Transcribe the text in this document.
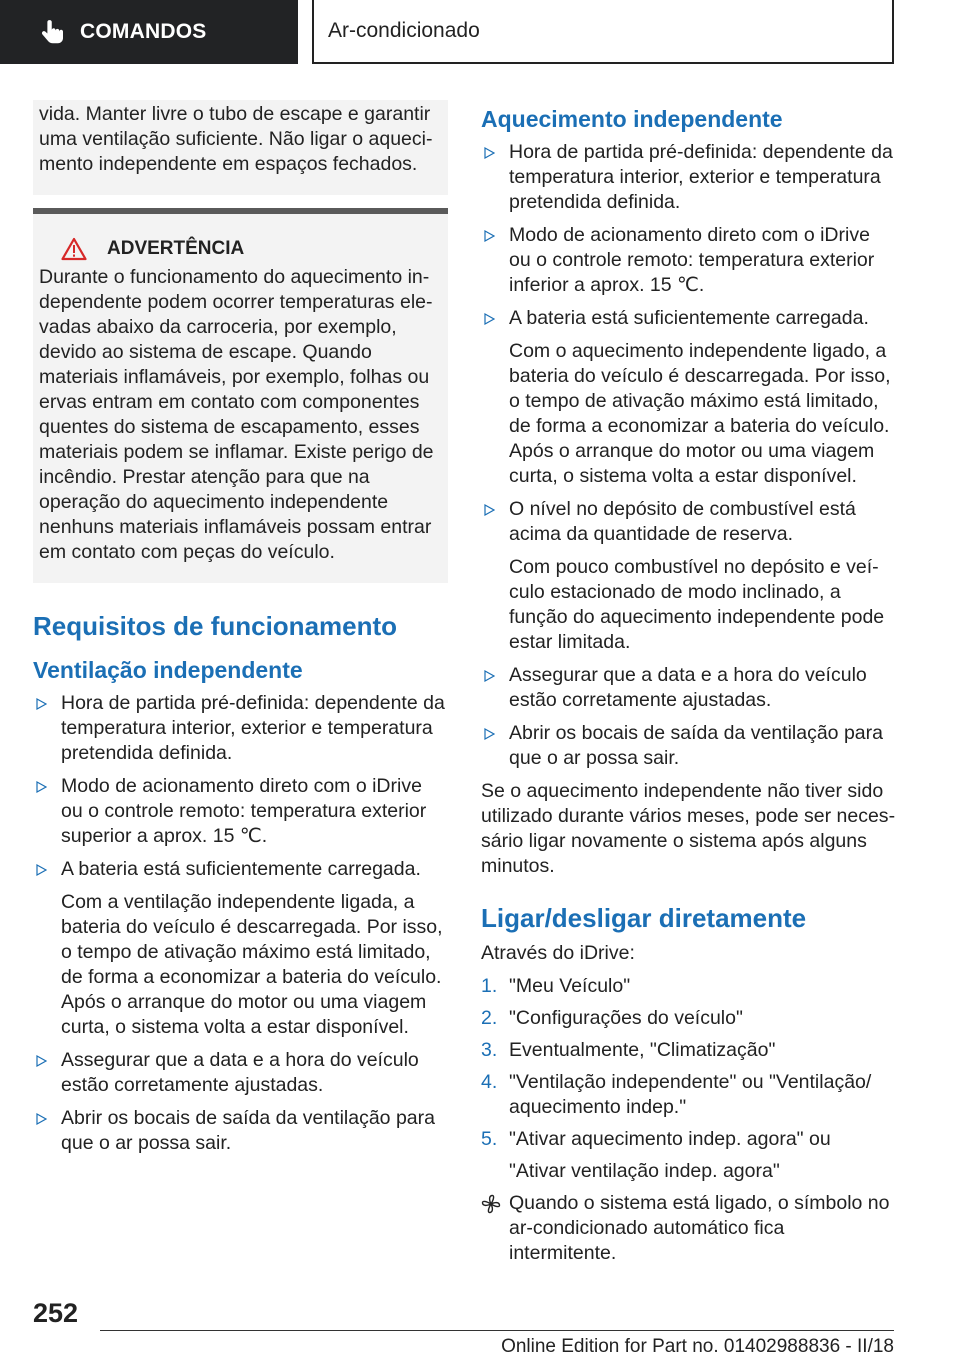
COMANDOS	Ar-condicionado

vida. Manter livre o tubo de escape e garantir uma ventilação suficiente. Não ligar o aquecimento independente em espaços fechados.

ADVERTÊNCIA

Durante o funcionamento do aquecimento independente podem ocorrer temperaturas elevadas abaixo da carroceria, por exemplo, devido ao sistema de escape. Quando materiais inflamáveis, por exemplo, folhas ou ervas entram em contato com componentes quentes do sistema de escapamento, esses materiais podem se inflamar. Existe perigo de incêndio. Prestar atenção para que na operação do aquecimento independente nenhuns materiais inflamáveis possam entrar em contato com peças do veículo.

Requisitos de funcionamento
Ventilação independente
Hora de partida pré-definida: dependente da temperatura interior, exterior e temperatura pretendida definida.
Modo de acionamento direto com o iDrive ou o controle remoto: temperatura exterior superior a aprox. 15 ℃.
A bateria está suficientemente carregada.
Com a ventilação independente ligada, a bateria do veículo é descarregada. Por isso, o tempo de ativação máximo está limitado, de forma a economizar a bateria do veículo. Após o arranque do motor ou uma viagem curta, o sistema volta a estar disponível.
Assegurar que a data e a hora do veículo estão corretamente ajustadas.
Abrir os bocais de saída da ventilação para que o ar possa sair.
Aquecimento independente
Hora de partida pré-definida: dependente da temperatura interior, exterior e temperatura pretendida definida.
Modo de acionamento direto com o iDrive ou o controle remoto: temperatura exterior inferior a aprox. 15 ℃.
A bateria está suficientemente carregada.
Com o aquecimento independente ligado, a bateria do veículo é descarregada. Por isso, o tempo de ativação máximo está limitado, de forma a economizar a bateria do veículo. Após o arranque do motor ou uma viagem curta, o sistema volta a estar disponível.
O nível no depósito de combustível está acima da quantidade de reserva.
Com pouco combustível no depósito e veículo estacionado de modo inclinado, a função do aquecimento independente pode estar limitada.
Assegurar que a data e a hora do veículo estão corretamente ajustadas.
Abrir os bocais de saída da ventilação para que o ar possa sair.

Se o aquecimento independente não tiver sido utilizado durante vários meses, pode ser necessário ligar novamente o sistema após alguns minutos.

Ligar/desligar diretamente

Através do iDrive:

1. "Meu Veículo"
2. "Configurações do veículo"
3. Eventualmente, "Climatização"
4. "Ventilação independente" ou "Ventilação/ aquecimento indep."
5. "Ativar aquecimento indep. agora" ou
"Ativar ventilação indep. agora"
Quando o sistema está ligado, o símbolo no ar-condicionado automático fica intermitente.
252
Online Edition for Part no. 01402988836 - II/18
